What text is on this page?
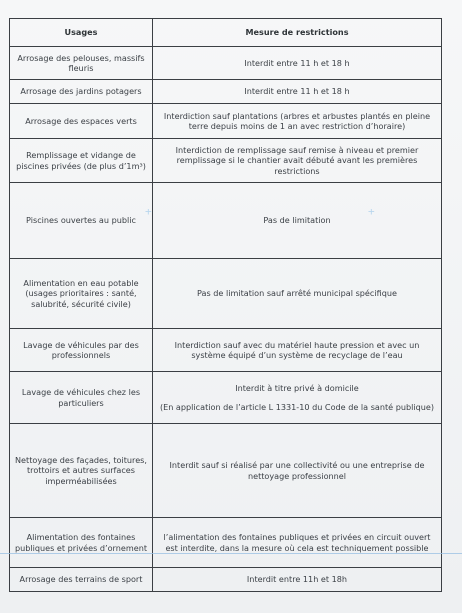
Usages	Mesure de restrictions
Arrosage des pelouses, massifs fleuris	Interdit entre 11 h et 18 h
Arrosage des jardins potagers	Interdit entre 11 h et 18 h
Arrosage des espaces verts	Interdiction sauf plantations (arbres et arbustes plantés en pleine terre depuis moins de 1 an avec restriction d’horaire)
Remplissage et vidange de piscines privées (de plus d’1m³)	Interdiction de remplissage sauf remise à niveau et premier remplissage si le chantier avait débuté avant les premières restrictions
Piscines ouvertes au public	Pas de limitation
Alimentation en eau potable (usages prioritaires : santé, salubrité, sécurité civile)	Pas de limitation sauf arrêté municipal spécifique
Lavage de véhicules par des professionnels	Interdiction sauf avec du matériel haute pression et avec un système équipé d’un système de recyclage de l’eau
Lavage de véhicules chez les particuliers	Interdit à titre privé à domicile
(En application de l’article L 1331-10 du Code de la santé publique)

Nettoyage des façades, toitures, trottoirs et autres surfaces imperméabilisées	Interdit sauf si réalisé par une collectivité ou une entreprise de nettoyage professionnel
Alimentation des fontaines publiques et privées d’ornement	l’alimentation des fontaines publiques et privées en circuit ouvert est interdite, dans la mesure où cela est techniquement possible
Arrosage des terrains de sport	Interdit entre 11h et 18h
+	+
